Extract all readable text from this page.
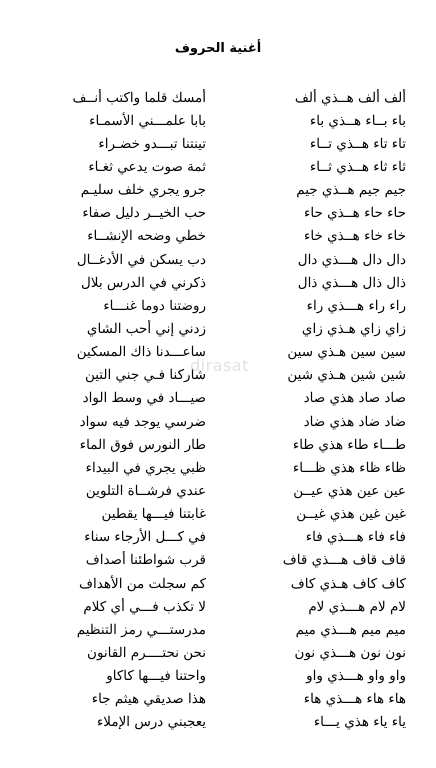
أغنية الحروف
ألف ألف هــذي ألف
أمسك قلما واكتب أنــف
باء بــاء هــذي باء
بابا علمـــني الأسمـاء
تاء تاء هــذي تــاء
تينتنا تبـــدو خضـراء
ثاء ثاء هــذي ثــاء
ثمة صوت يدعي ثغـاء
جيم جيم هــذي جيم
جرو يجري خلف سليـم
حاء حاء هــذي حاء
حب الخيــر دليل صفاء
خاء خاء هــذي خاء
خطي وضحه الإنشــاء
دال دال هـــذي دال
دب يسكن في الأدغــال
ذال ذال هـــذي ذال
ذكرني في الدرس بلال
راء راء هـــذي راء
روضتنا دوما غنـــاء
زاي زاي هـذي زاي
زدني إني أحب الشاي
سين سين هـذي سين
ساعـــدنا ذاك المسكين
شين شين هـذي شين
شاركنا فـي جني التين
صاد صاد هذي صاد
صيـــاد في وسط الواد
ضاد ضاد هذي ضاد
ضرسي يوجد فيه سواد
طـــاء طاء هذي طاء
طار النورس فوق الماء
ظاء ظاء هذي ظـــاء
ظبي يجري في البيداء
عين عين هذي عيــن
عندي فرشــاة التلوين
غين غين هذي غيــن
غابتنا فيـــها يقطين
فاء فاء هـــذي فاء
في كـــل الأرجاء سناء
قاف قاف هـــذي قاف
قرب شواطئنا أصداف
كاف كاف هـذي كاف
كم سجلت من الأهداف
لام لام هـــذي لام
لا تكذب فـــي أي كلام
ميم ميم هـــذي ميم
مدرستـــي رمز التنظيم
نون نون هـــذي نون
نحن نحتــــرم القانون
واو واو هـــذي واو
واحتنا فيـــها كاكاو
هاء هاء هـــذي هاء
هذا صديقي هيثم جاء
ياء ياء هذي يـــاء
يعجبني درس الإملاء
dirasat
